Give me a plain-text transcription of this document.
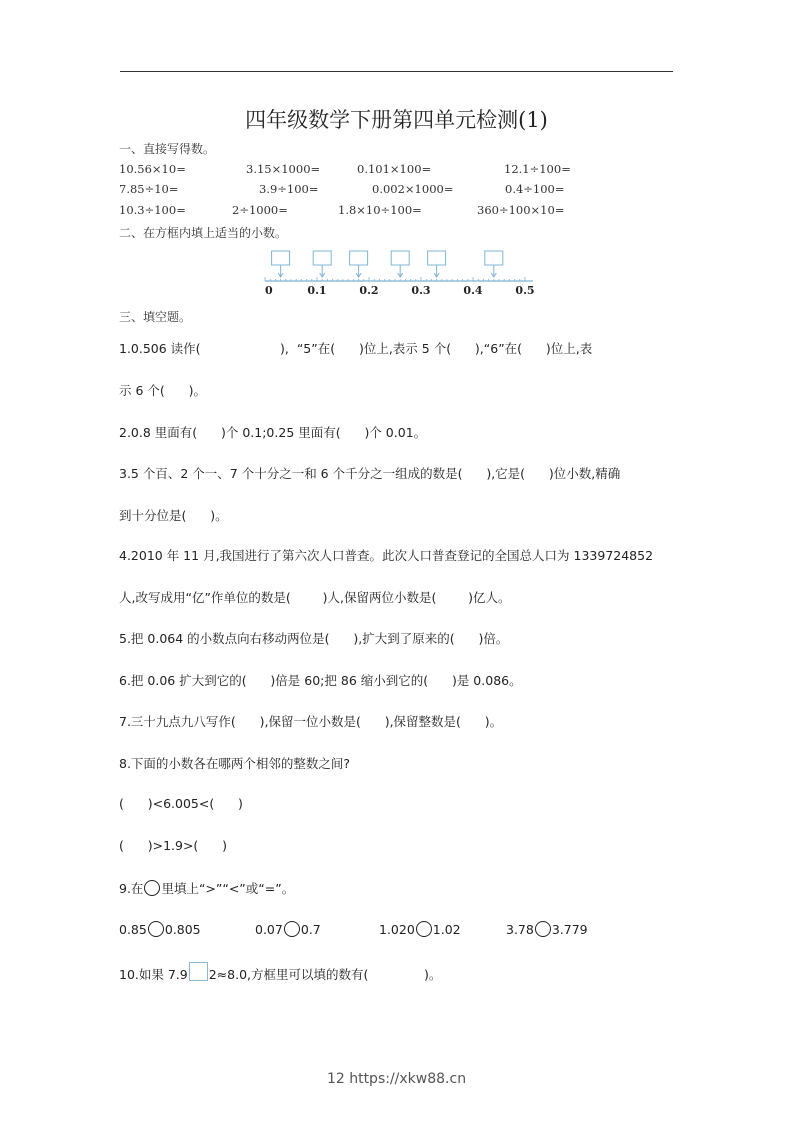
四年级数学下册第四单元检测(1)
一、直接写得数。
10.56×10=	3.15×1000=	0.101×100=	12.1÷100=
7.85÷10=	3.9÷100=	0.002×1000=	0.4÷100=
10.3÷100=	2÷1000=	1.8×10÷100=	360÷100×10=
二、在方框内填上适当的小数。
0	0.1	0.2	0.3	0.4	0.5
三、填空题。
1.0.506 读作(                    ),  “5”在(      )位上,表示 5 个(      ),“6”在(      )位上,表
示 6 个(      )。
2.0.8 里面有(      )个 0.1;0.25 里面有(      )个 0.01。
3.5 个百、2 个一、7 个十分之一和 6 个千分之一组成的数是(      ),它是(      )位小数,精确
到十分位是(      )。
4.2010 年 11 月,我国进行了第六次人口普查。此次人口普查登记的全国总人口为 1339724852
人,改写成用“亿”作单位的数是(        )人,保留两位小数是(        )亿人。
5.把 0.064 的小数点向右移动两位是(      ),扩大到了原来的(      )倍。
6.把 0.06 扩大到它的(      )倍是 60;把 86 缩小到它的(      )是 0.086。
7.三十九点九八写作(      ),保留一位小数是(      ),保留整数是(      )。
8.下面的小数各在哪两个相邻的整数之间?
(      )<6.005<(      )
(      )>1.9>(      )
9.在 里填上“>”“<”或“=”。
0.85 0.805	0.07 0.7	1.020 1.02	3.78 3.779
10.如果 7.9 2≈8.0,方框里可以填的数有(              )。
12 https://xkw88.cn
